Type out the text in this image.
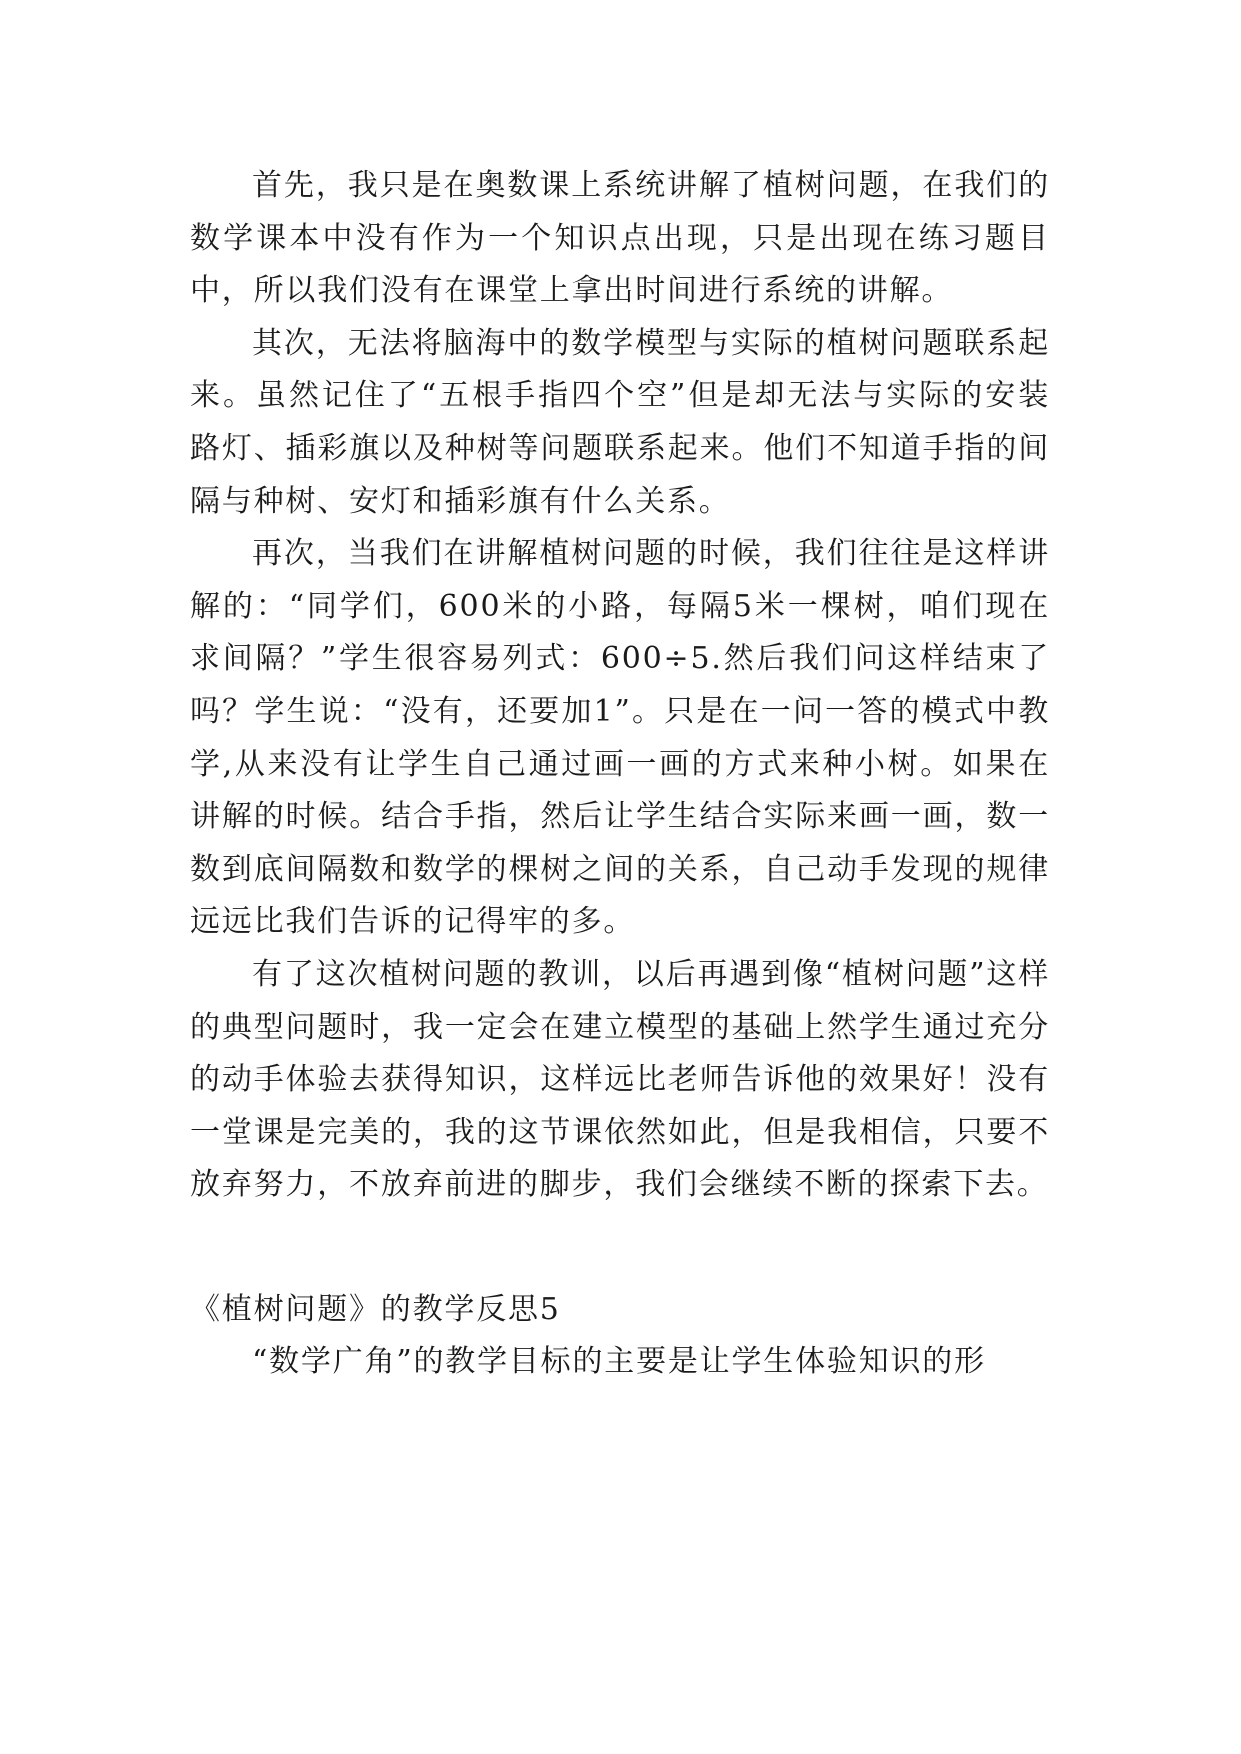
首先，我只是在奥数课上系统讲解了植树问题，在我们的数学课本中没有作为一个知识点出现，只是出现在练习题目中，所以我们没有在课堂上拿出时间进行系统的讲解。

其次，无法将脑海中的数学模型与实际的植树问题联系起来。虽然记住了“五根手指四个空”但是却无法与实际的安装路灯、插彩旗以及种树等问题联系起来。他们不知道手指的间隔与种树、安灯和插彩旗有什么关系。

再次，当我们在讲解植树问题的时候，我们往往是这样讲解的：“同学们，600米的小路，每隔5米一棵树，咱们现在求间隔？”学生很容易列式：600÷5.然后我们问这样结束了吗？学生说：“没有，还要加1”。只是在一问一答的模式中教学,从来没有让学生自己通过画一画的方式来种小树。如果在讲解的时候。结合手指，然后让学生结合实际来画一画，数一数到底间隔数和数学的棵树之间的关系，自己动手发现的规律远远比我们告诉的记得牢的多。

有了这次植树问题的教训，以后再遇到像“植树问题”这样的典型问题时，我一定会在建立模型的基础上然学生通过充分的动手体验去获得知识，这样远比老师告诉他的效果好！没有一堂课是完美的，我的这节课依然如此，但是我相信，只要不放弃努力，不放弃前进的脚步，我们会继续不断的探索下去。

《植树问题》的教学反思5

“数学广角”的教学目标的主要是让学生体验知识的形
